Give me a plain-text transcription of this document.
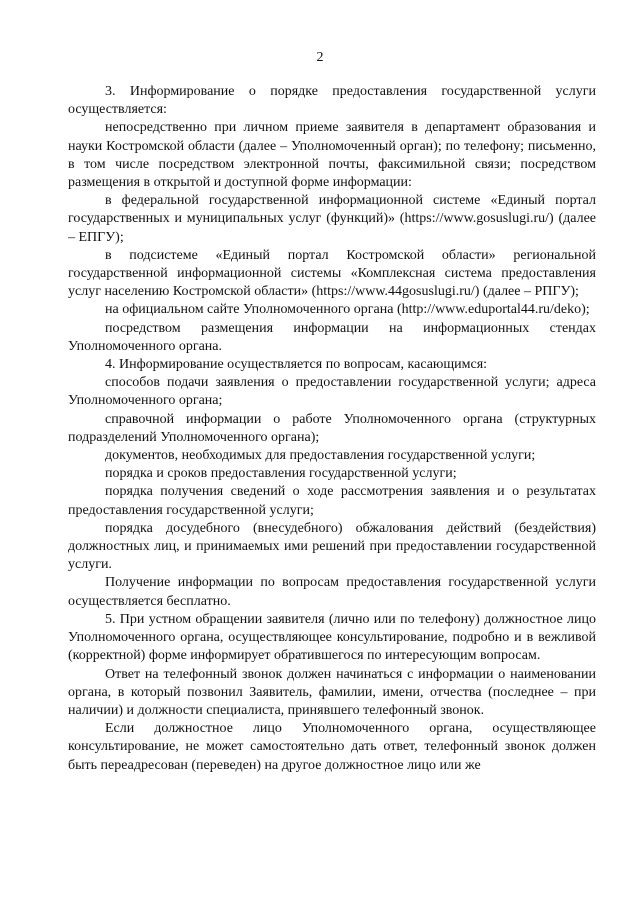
2

3. Информирование о порядке предоставления государственной услуги осуществляется:

непосредственно при личном приеме заявителя в департамент образования и науки Костромской области (далее – Уполномоченный орган); по телефону; письменно, в том числе посредством электронной почты, факсимильной связи; посредством размещения в открытой и доступной форме информации:

в федеральной государственной информационной системе «Единый портал государственных и муниципальных услуг (функций)» (https://www.gosuslugi.ru/) (далее – ЕПГУ);

в подсистеме «Единый портал Костромской области» региональной государственной информационной системы «Комплексная система предоставления услуг населению Костромской области» (https://www.44gosuslugi.ru/) (далее – РПГУ);

на официальном сайте Уполномоченного органа (http://www.eduportal44.ru/deko);

посредством размещения информации на информационных стендах Уполномоченного органа.

4. Информирование осуществляется по вопросам, касающимся:

способов подачи заявления о предоставлении государственной услуги; адреса Уполномоченного органа;

справочной информации о работе Уполномоченного органа (структурных подразделений Уполномоченного органа);

документов, необходимых для предоставления государственной услуги;

порядка и сроков предоставления государственной услуги;

порядка получения сведений о ходе рассмотрения заявления и о результатах предоставления государственной услуги;

порядка досудебного (внесудебного) обжалования действий (бездействия) должностных лиц, и принимаемых ими решений при предоставлении государственной услуги.

Получение информации по вопросам предоставления государственной услуги осуществляется бесплатно.

5. При устном обращении заявителя (лично или по телефону) должностное лицо Уполномоченного органа, осуществляющее консультирование, подробно и в вежливой (корректной) форме информирует обратившегося по интересующим вопросам.

Ответ на телефонный звонок должен начинаться с информации о наименовании органа, в который позвонил Заявитель, фамилии, имени, отчества (последнее – при наличии) и должности специалиста, принявшего телефонный звонок.

Если должностное лицо Уполномоченного органа, осуществляющее консультирование, не может самостоятельно дать ответ, телефонный звонок должен быть переадресован (переведен) на другое должностное лицо или же
